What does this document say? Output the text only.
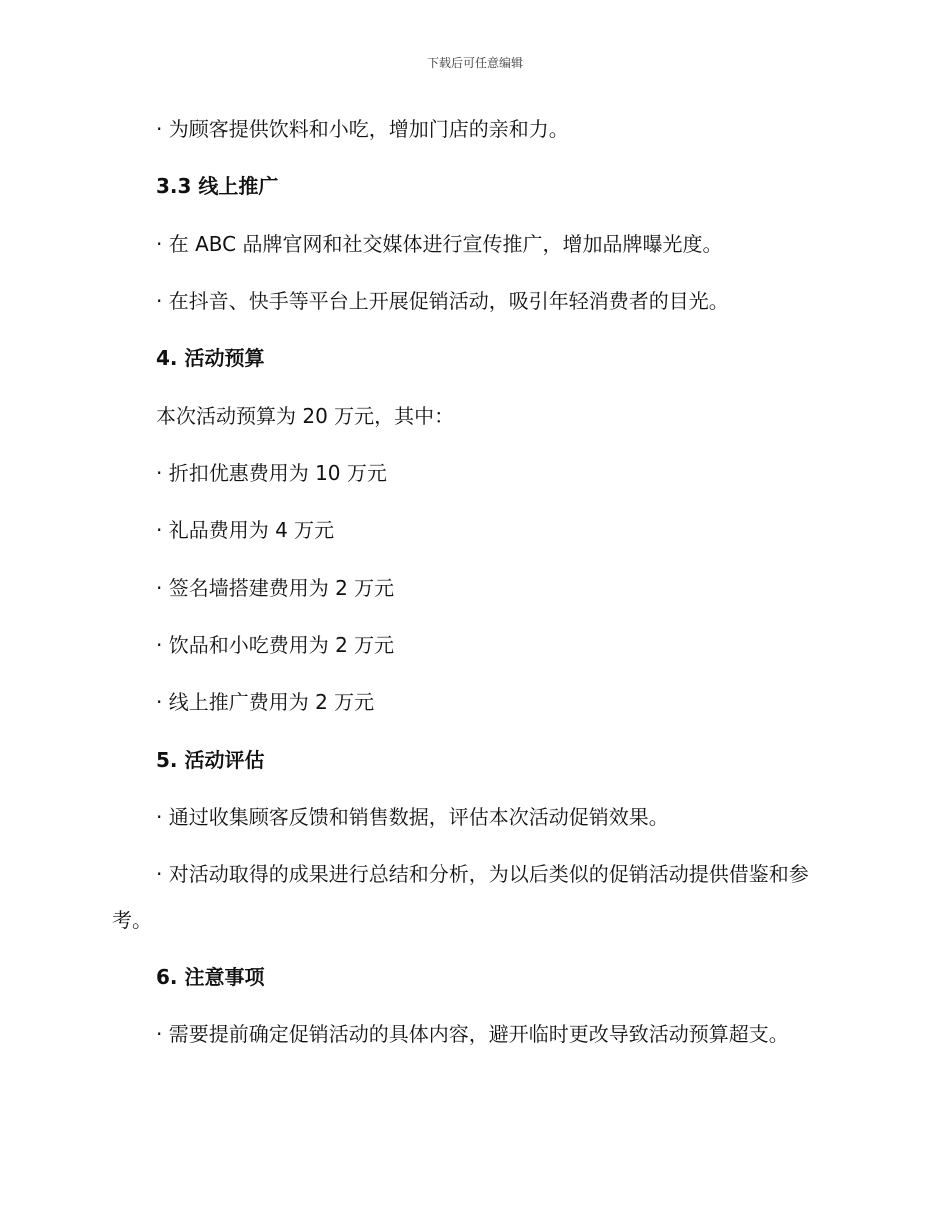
下载后可任意编辑
· 为顾客提供饮料和小吃，增加门店的亲和力。
3.3 线上推广
· 在 ABC 品牌官网和社交媒体进行宣传推广，增加品牌曝光度。
· 在抖音、快手等平台上开展促销活动，吸引年轻消费者的目光。
4. 活动预算
本次活动预算为 20 万元，其中：
· 折扣优惠费用为 10 万元
· 礼品费用为 4 万元
· 签名墙搭建费用为 2 万元
· 饮品和小吃费用为 2 万元
· 线上推广费用为 2 万元
5. 活动评估
· 通过收集顾客反馈和销售数据，评估本次活动促销效果。
· 对活动取得的成果进行总结和分析，为以后类似的促销活动提供借鉴和参考。
6. 注意事项
· 需要提前确定促销活动的具体内容，避开临时更改导致活动预算超支。
